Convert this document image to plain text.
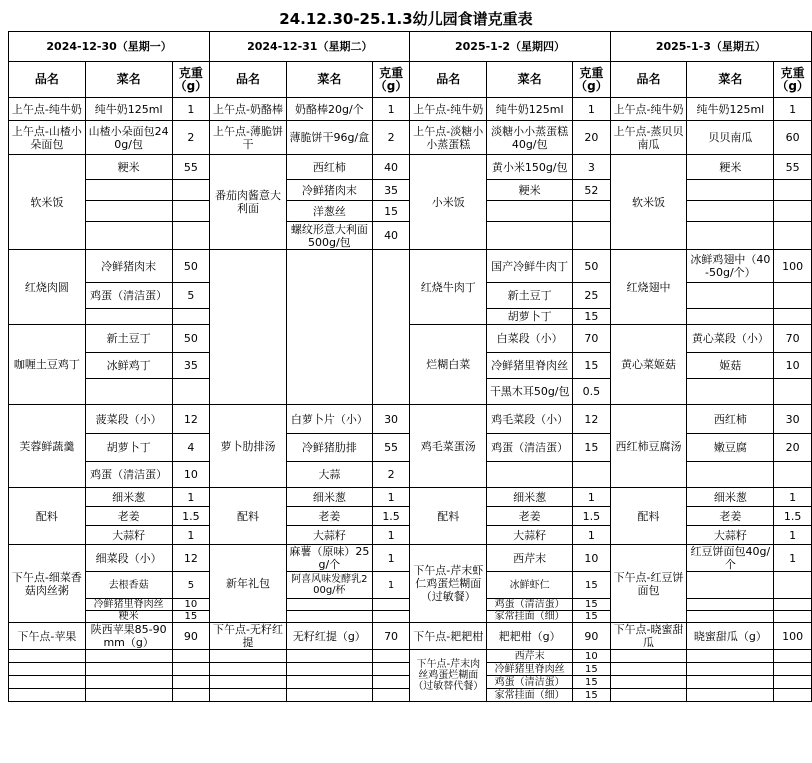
24.12.30-25.1.3幼儿园食谱克重表
2024-12-30（星期一）			2024-12-31（星期二）			2025-1-2（星期四）			2025-1-3（星期五）		
品名	菜名	克重（g）	品名	菜名	克重（g）	品名	菜名	克重（g）	品名	菜名	克重（g）
上午点-纯牛奶	纯牛奶125ml	1	上午点-奶酪棒	奶酪棒20g/个	1	上午点-纯牛奶	纯牛奶125ml	1	上午点-纯牛奶	纯牛奶125ml	1
上午点-山楂小朵面包	山楂小朵面包240g/包	2	上午点-薄脆饼干	薄脆饼干96g/盒	2	上午点-淡糖小小蒸蛋糕	淡糖小小蒸蛋糕40g/包	20	上午点-蒸贝贝南瓜	贝贝南瓜	60
软米饭	粳米	55	番茄肉酱意大利面	西红柿	40	小米饭	黄小米150g/包	3	软米饭	粳米	55
				冷鲜猪肉末	35		粳米	52			
				洋葱丝	15						
				螺纹形意大利面500g/包	40						
红烧肉圆	冷鲜猪肉末	50				红烧牛肉丁	国产冷鲜牛肉丁	50	红烧翅中	冰鲜鸡翅中（40-50g/个）	100
	鸡蛋（清洁蛋）	5					新土豆丁	25			
							胡萝卜丁	15			
咖喱土豆鸡丁	新土豆丁	50				烂糊白菜	白菜段（小）	70	黄心菜姬菇	黄心菜段（小）	70
	冰鲜鸡丁	35					冷鲜猪里脊肉丝	15		姬菇	10
							干黑木耳50g/包	0.5			
芙蓉鲜蔬羹	菠菜段（小）	12	萝卜肋排汤	白萝卜片（小）	30	鸡毛菜蛋汤	鸡毛菜段（小）	12	西红柿豆腐汤	西红柿	30
	胡萝卜丁	4		冷鲜猪肋排	55		鸡蛋（清洁蛋）	15		嫩豆腐	20
	鸡蛋（清洁蛋）	10		大蒜	2						
配料	细米葱	1	配料	细米葱	1	配料	细米葱	1	配料	细米葱	1
	老姜	1.5		老姜	1.5		老姜	1.5		老姜	1.5
	大蒜籽	1		大蒜籽	1		大蒜籽	1		大蒜籽	1
下午点-细菜香菇肉丝粥	细菜段（小）	12	新年礼包	麻薯（原味）25g/个	1	下午点-芹末虾仁鸡蛋烂糊面（过敏餐）	西芹末	10	下午点-红豆饼面包	红豆饼面包40g/个	1
	去根香菇	5		阿喜风味发酵乳200g/杯	1		冰鲜虾仁	15			
	冷鲜猪里脊肉丝	10					鸡蛋（清洁蛋）	15			
	粳米	15					家常挂面（细）	15			
下午点-苹果	陕西苹果85-90mm（g）	90	下午点-无籽红提	无籽红提（g）	70	下午点-耙耙柑	耙耙柑（g）	90	下午点-晓蜜甜瓜	晓蜜甜瓜（g）	100
						下午点-芹末肉丝鸡蛋烂糊面（过敏替代餐）	西芹末	10			
							冷鲜猪里脊肉丝	15			
							鸡蛋（清洁蛋）	15			
							家常挂面（细）	15			
